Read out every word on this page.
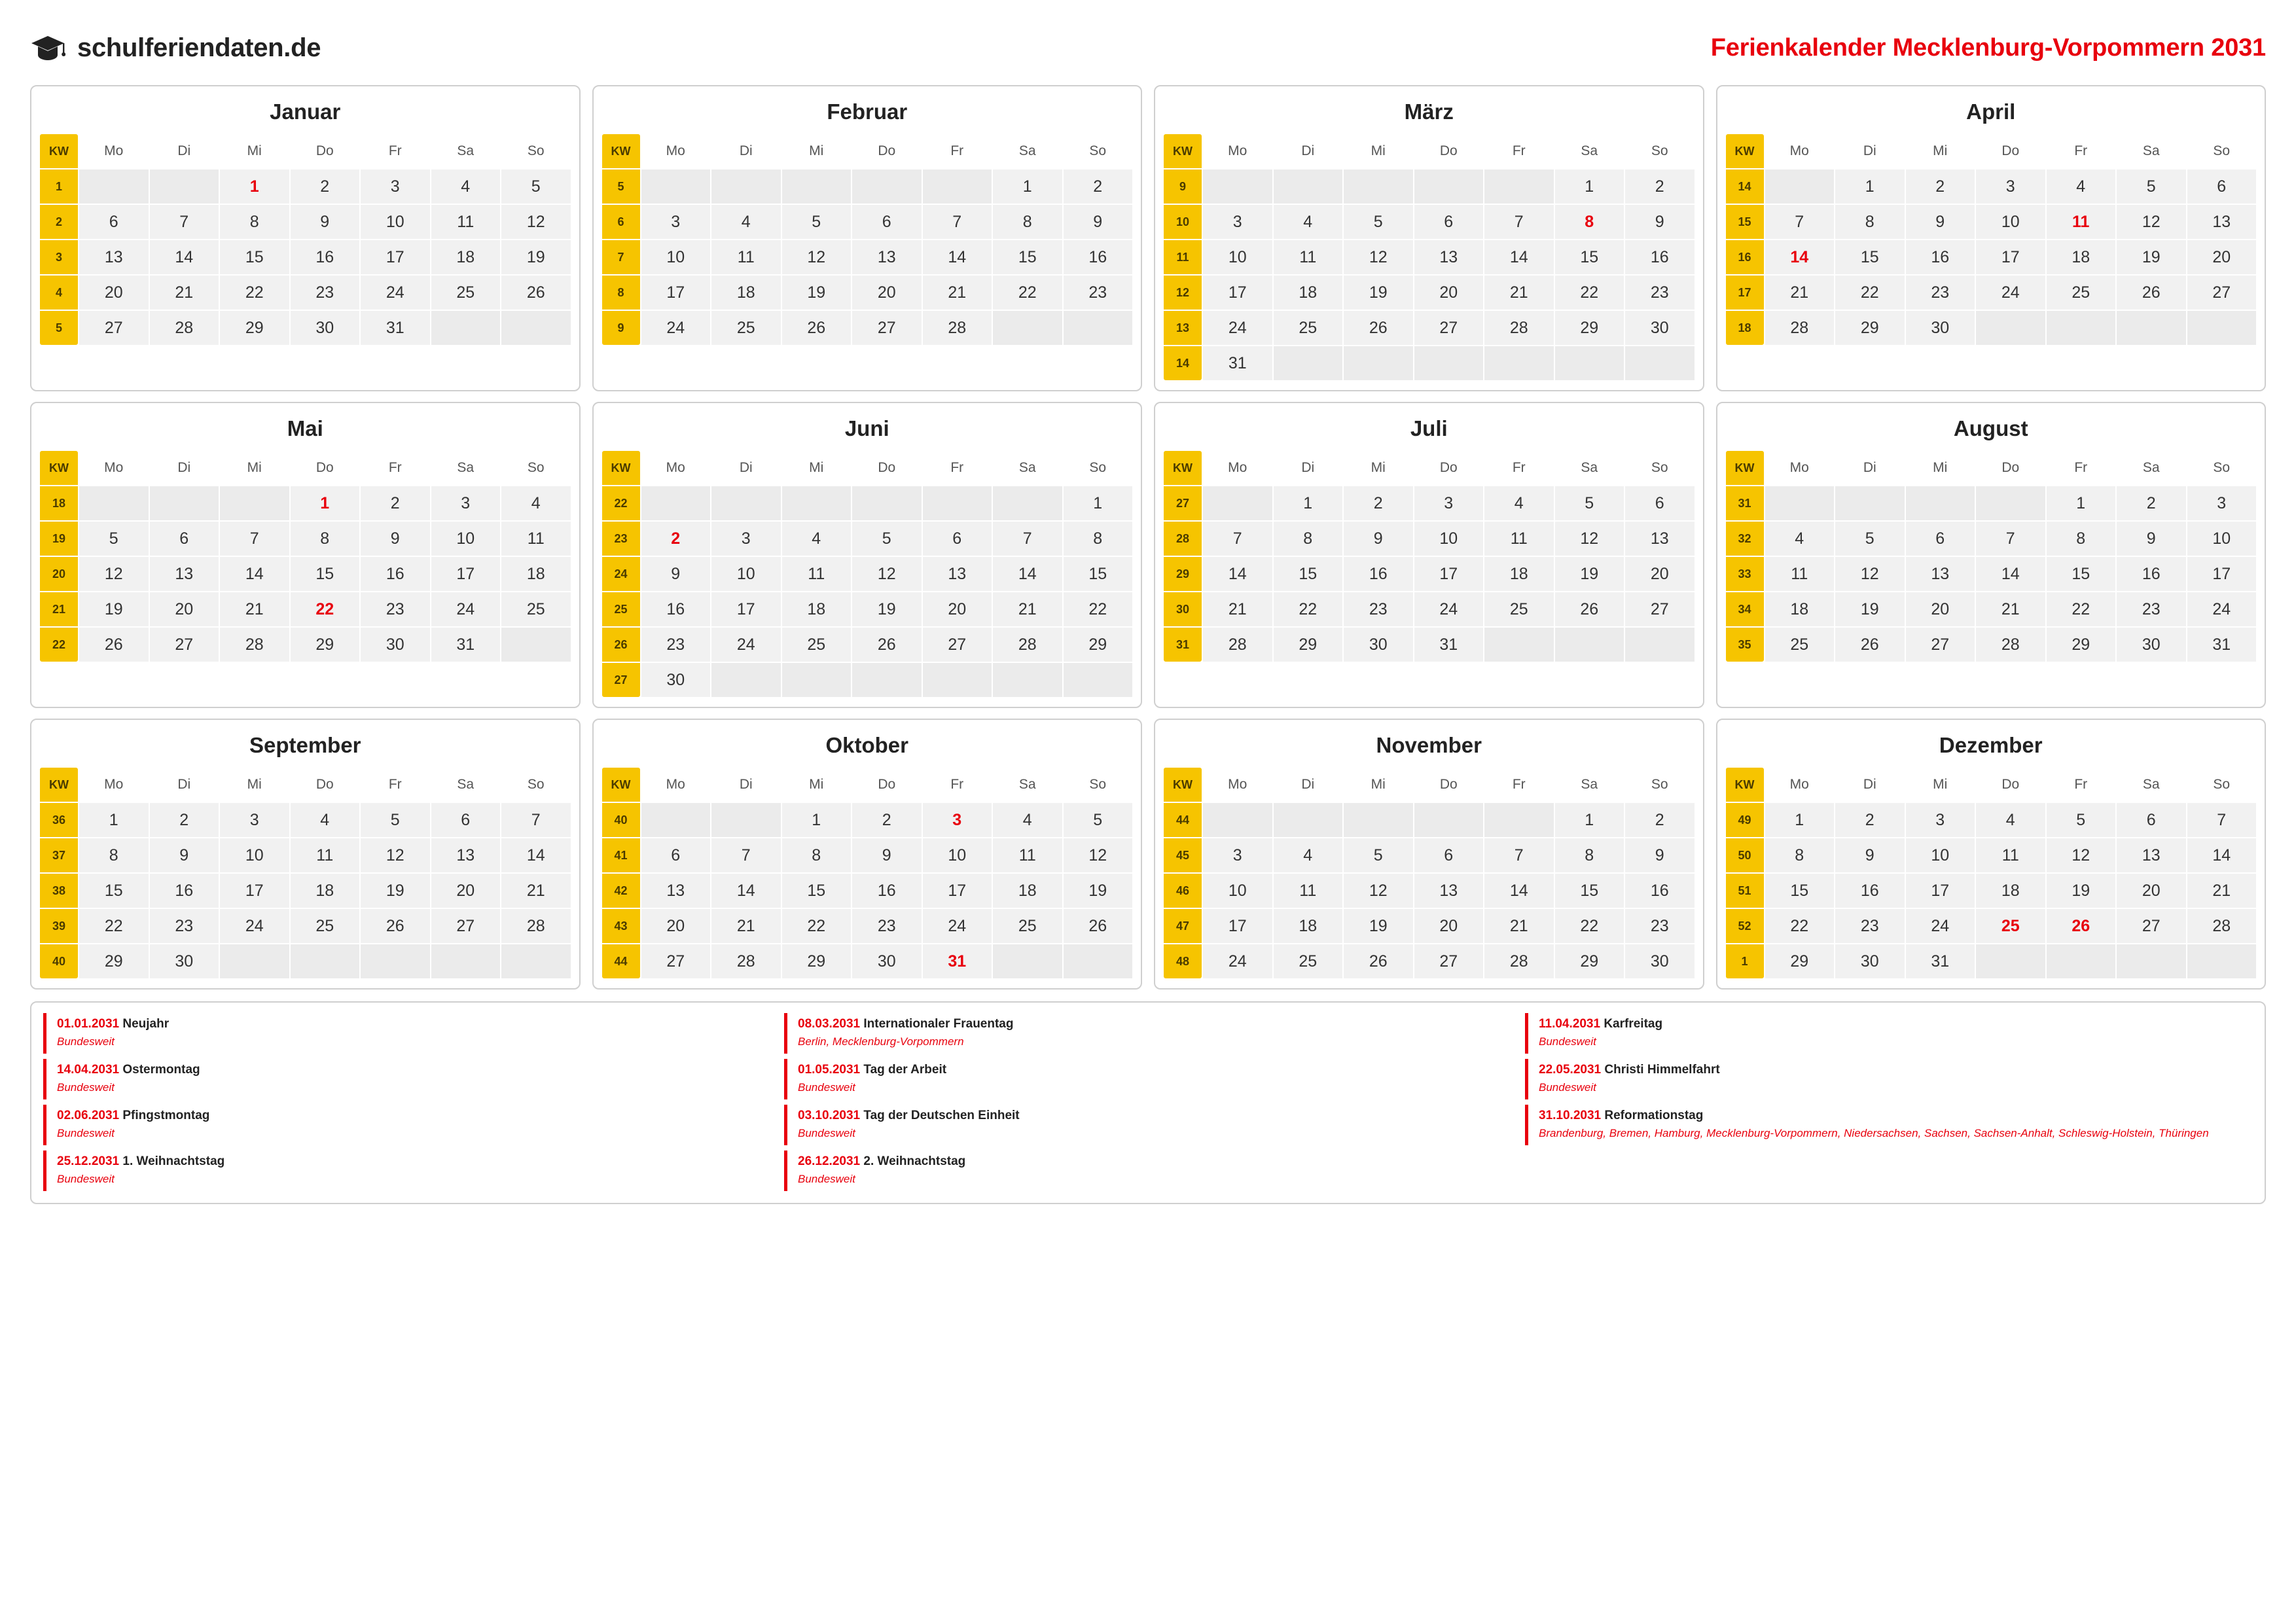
schulferiendaten.de	Ferienkalender Mecklenburg-Vorpommern 2031
Januar
KW	Mo	Di	Mi	Do	Fr	Sa	So
1			1	2	3	4	5
2	6	7	8	9	10	11	12
3	13	14	15	16	17	18	19
4	20	21	22	23	24	25	26
5	27	28	29	30	31		
Februar
KW	Mo	Di	Mi	Do	Fr	Sa	So
5						1	2
6	3	4	5	6	7	8	9
7	10	11	12	13	14	15	16
8	17	18	19	20	21	22	23
9	24	25	26	27	28		
März
KW	Mo	Di	Mi	Do	Fr	Sa	So
9						1	2
10	3	4	5	6	7	8	9
11	10	11	12	13	14	15	16
12	17	18	19	20	21	22	23
13	24	25	26	27	28	29	30
14	31						
April
KW	Mo	Di	Mi	Do	Fr	Sa	So
14		1	2	3	4	5	6
15	7	8	9	10	11	12	13
16	14	15	16	17	18	19	20
17	21	22	23	24	25	26	27
18	28	29	30				
Mai
KW	Mo	Di	Mi	Do	Fr	Sa	So
18				1	2	3	4
19	5	6	7	8	9	10	11
20	12	13	14	15	16	17	18
21	19	20	21	22	23	24	25
22	26	27	28	29	30	31	
Juni
KW	Mo	Di	Mi	Do	Fr	Sa	So
22							1
23	2	3	4	5	6	7	8
24	9	10	11	12	13	14	15
25	16	17	18	19	20	21	22
26	23	24	25	26	27	28	29
27	30						
Juli
KW	Mo	Di	Mi	Do	Fr	Sa	So
27		1	2	3	4	5	6
28	7	8	9	10	11	12	13
29	14	15	16	17	18	19	20
30	21	22	23	24	25	26	27
31	28	29	30	31			
August
KW	Mo	Di	Mi	Do	Fr	Sa	So
31					1	2	3
32	4	5	6	7	8	9	10
33	11	12	13	14	15	16	17
34	18	19	20	21	22	23	24
35	25	26	27	28	29	30	31
September
KW	Mo	Di	Mi	Do	Fr	Sa	So
36	1	2	3	4	5	6	7
37	8	9	10	11	12	13	14
38	15	16	17	18	19	20	21
39	22	23	24	25	26	27	28
40	29	30					
Oktober
KW	Mo	Di	Mi	Do	Fr	Sa	So
40			1	2	3	4	5
41	6	7	8	9	10	11	12
42	13	14	15	16	17	18	19
43	20	21	22	23	24	25	26
44	27	28	29	30	31		
November
KW	Mo	Di	Mi	Do	Fr	Sa	So
44						1	2
45	3	4	5	6	7	8	9
46	10	11	12	13	14	15	16
47	17	18	19	20	21	22	23
48	24	25	26	27	28	29	30
Dezember
KW	Mo	Di	Mi	Do	Fr	Sa	So
49	1	2	3	4	5	6	7
50	8	9	10	11	12	13	14
51	15	16	17	18	19	20	21
52	22	23	24	25	26	27	28
1	29	30	31				
01.01.2031 Neujahr
Bundesweit
08.03.2031 Internationaler Frauentag
Berlin, Mecklenburg-Vorpommern
11.04.2031 Karfreitag
Bundesweit
14.04.2031 Ostermontag
Bundesweit
01.05.2031 Tag der Arbeit
Bundesweit
22.05.2031 Christi Himmelfahrt
Bundesweit
02.06.2031 Pfingstmontag
Bundesweit
03.10.2031 Tag der Deutschen Einheit
Bundesweit
31.10.2031 Reformationstag
Brandenburg, Bremen, Hamburg, Mecklenburg-Vorpommern, Niedersachsen, Sachsen, Sachsen-Anhalt, Schleswig-Holstein, Thüringen
25.12.2031 1. Weihnachtstag
Bundesweit
26.12.2031 2. Weihnachtstag
Bundesweit
